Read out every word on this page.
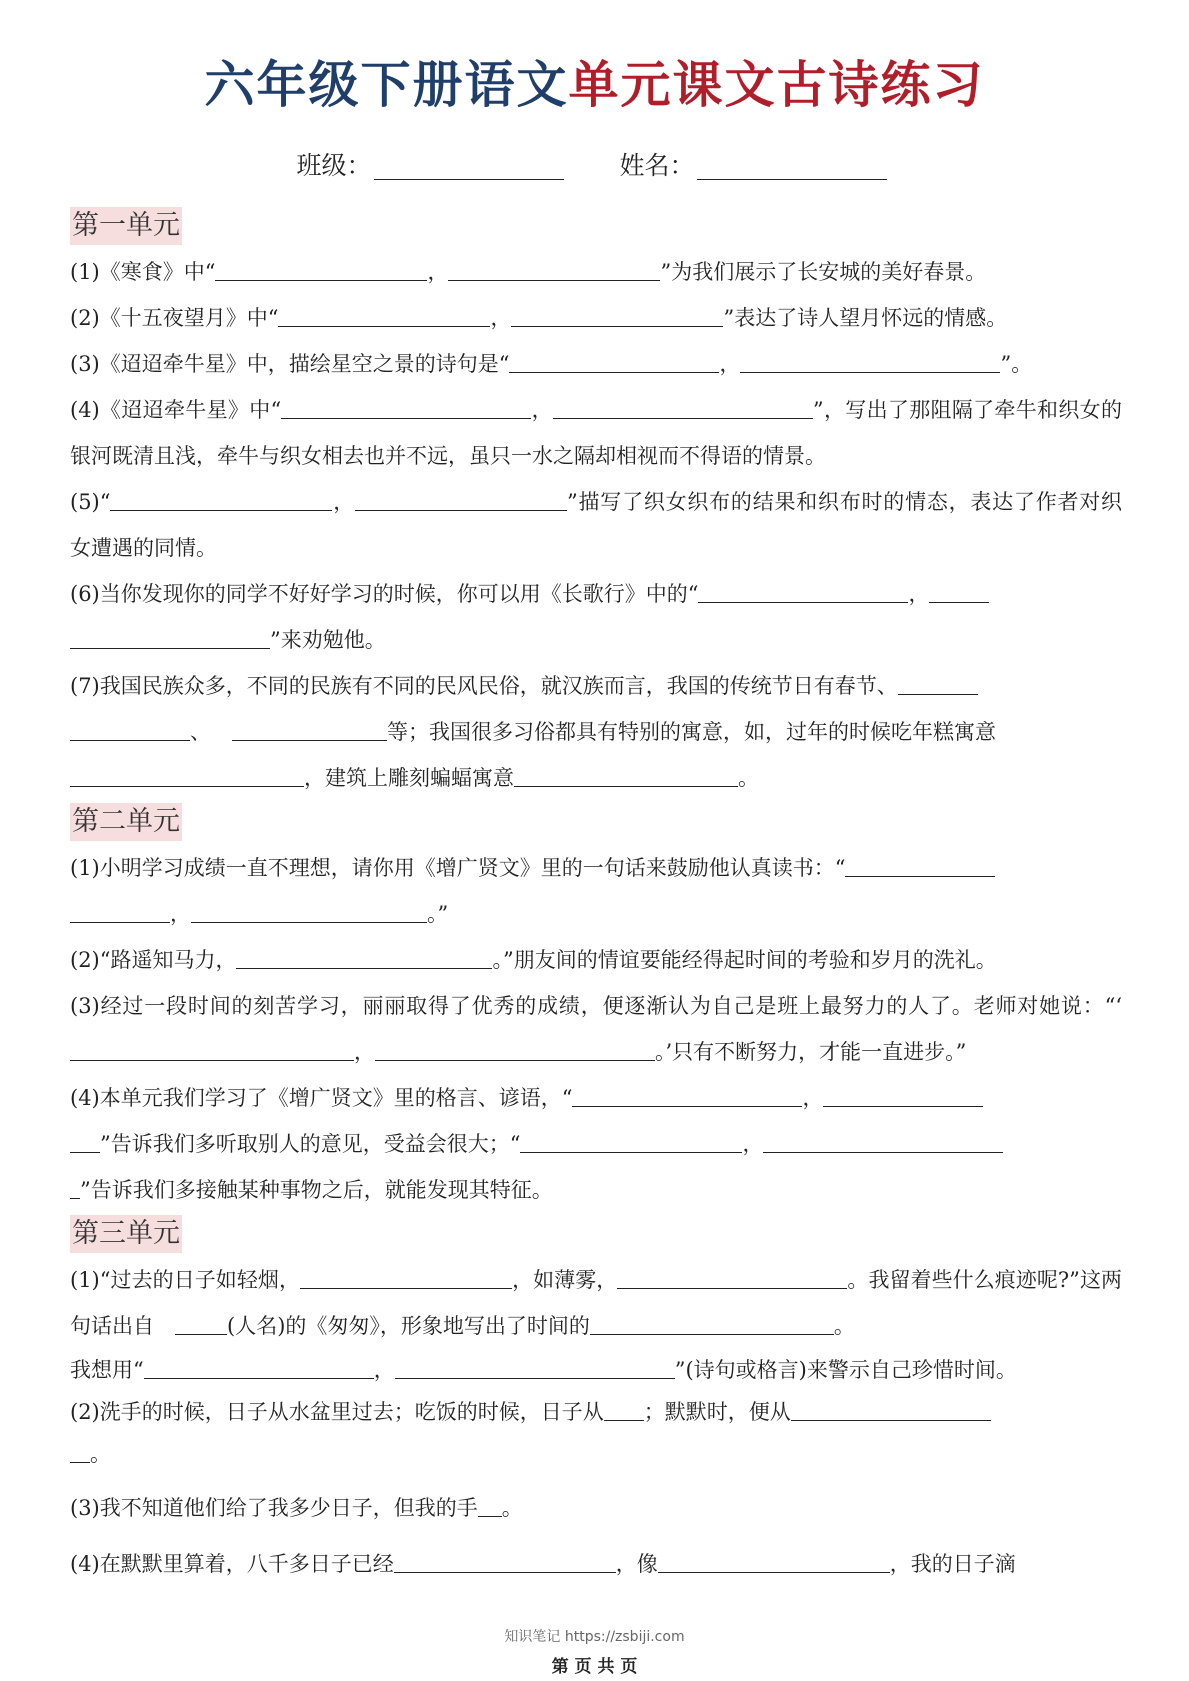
六年级下册语文单元课文古诗练习
班级：	姓名：
第一单元
(1)《寒食》中“	，	”为我们展示了长安城的美好春景。
(2)《十五夜望月》中“	，	”表达了诗人望月怀远的情感。
(3)《迢迢牵牛星》中，描绘星空之景的诗句是“	，	”。
(4)《迢迢牵牛星》中“	，	”，写出了那阻隔了牵牛和织女的银河既清且浅，牵牛与织女相去也并不远，虽只一水之隔却相视而不得语的情景。
(5)“	，	”描写了织女织布的结果和织布时的情态，表达了作者对织女遭遇的同情。
(6)当你发现你的同学不好好学习的时候，你可以用《长歌行》中的“	，
”来劝勉他。
(7)我国民族众多，不同的民族有不同的民风民俗，就汉族而言，我国的传统节日有春节、
、 	等；我国很多习俗都具有特别的寓意，如，过年的时候吃年糕寓意
，建筑上雕刻蝙蝠寓意	。
第二单元
(1)小明学习成绩一直不理想，请你用《增广贤文》里的一句话来鼓励他认真读书：“
，	。”
(2)“路遥知马力，	。”朋友间的情谊要能经得起时间的考验和岁月的洗礼。
(3)经过一段时间的刻苦学习，丽丽取得了优秀的成绩，便逐渐认为自己是班上最努力的人了。老师对她说：“‘，	。’只有不断努力，才能一直进步。”
(4)本单元我们学习了《增广贤文》里的格言、谚语，“	，
”告诉我们多听取别人的意见，受益会很大；“	，
”告诉我们多接触某种事物之后，就能发现其特征。
第三单元
(1)“过去的日子如轻烟，	，如薄雾，	。我留着些什么痕迹呢?”这两句话出自 	(人名)的《匆匆》，形象地写出了时间的	。
我想用“	，	”(诗句或格言)来警示自己珍惜时间。
(2)洗手的时候，日子从水盆里过去；吃饭的时候，日子从 ；默默时，便从
。
(3)我不知道他们给了我多少日子，但我的手 。
(4)在默默里算着，八千多日子已经	，像	，我的日子滴
知识笔记 https://zsbiji.com
第 页 共 页
